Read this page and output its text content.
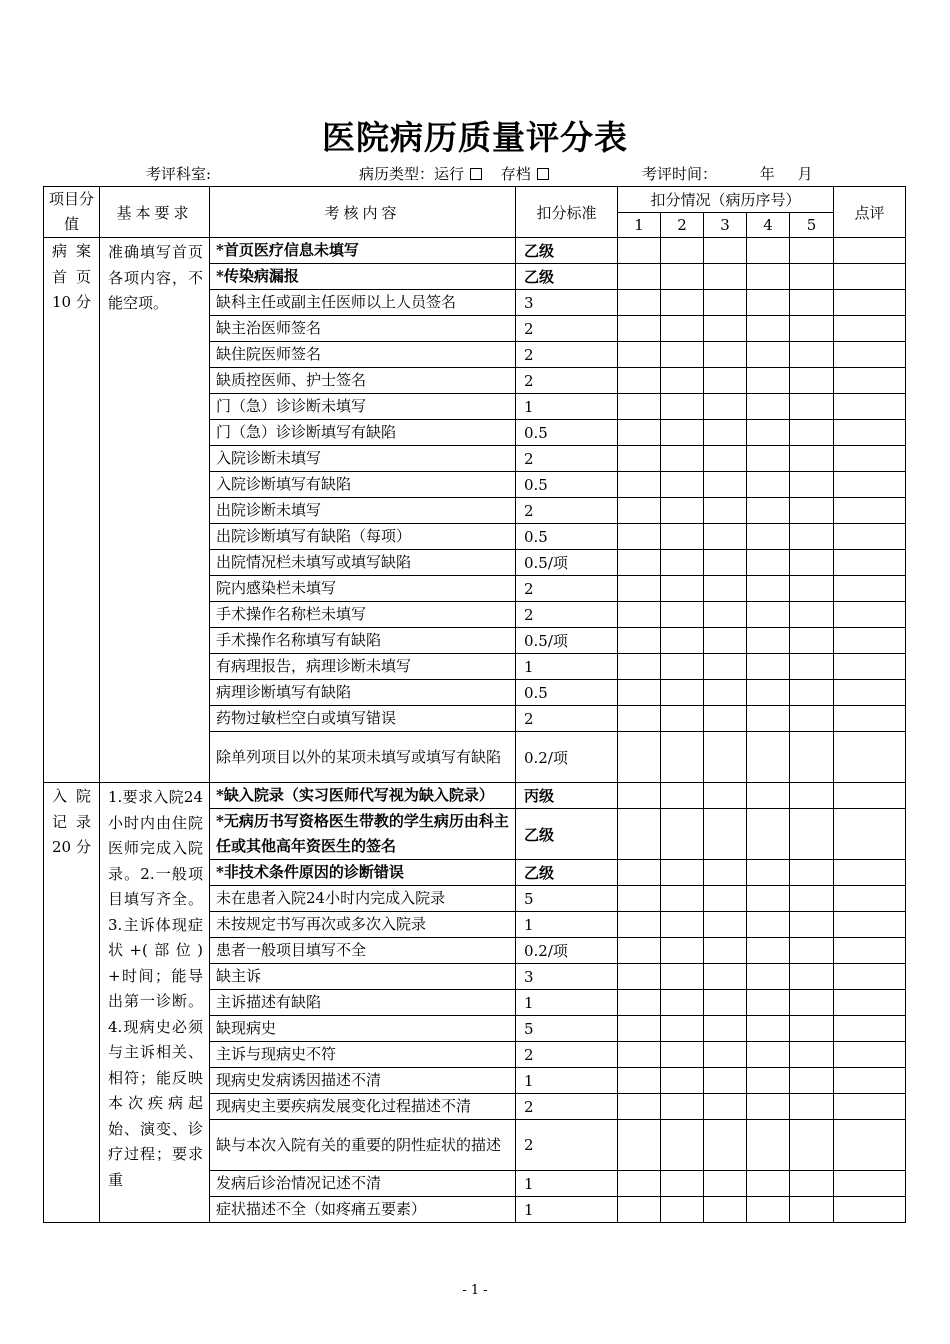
医院病历质量评分表
考评科室:	病历类型：运行 存档	考评时间：	年 月
项目分值	基本要求	考核内容	扣分标准	扣分情况（病历序号）					点评
				1	2	3	4	5	

病案首页10分	准确填写首页各项内容，不能空项。	*首页医疗信息未填写	乙级						
		*传染病漏报	乙级						
		缺科主任或副主任医师以上人员签名	3						
		缺主治医师签名	2						
		缺住院医师签名	2						
		缺质控医师、护士签名	2						
		门（急）诊诊断未填写	1						
		门（急）诊诊断填写有缺陷	0.5						
		入院诊断未填写	2						
		入院诊断填写有缺陷	0.5						
		出院诊断未填写	2						
		出院诊断填写有缺陷（每项）	0.5						
		出院情况栏未填写或填写缺陷	0.5/项						
		院内感染栏未填写	2						
		手术操作名称栏未填写	2						
		手术操作名称填写有缺陷	0.5/项						
		有病理报告，病理诊断未填写	1						
		病理诊断填写有缺陷	0.5						
		药物过敏栏空白或填写错误	2						
		除单列项目以外的某项未填写或填写有缺陷	0.2/项						

入院记录20分	1.要求入院24小时内由住院医师完成入院录。2.一般项目填写齐全。3.主诉体现症状+(部位)+时间；能导出第一诊断。4.现病史必须与主诉相关、相符；能反映本次疾病起始、演变、诊疗过程；要求重	*缺入院录（实习医师代写视为缺入院录）	丙级						
		*无病历书写资格医生带教的学生病历由科主任或其他高年资医生的签名	乙级						
		*非技术条件原因的诊断错误	乙级						
		未在患者入院24小时内完成入院录	5						
		未按规定书写再次或多次入院录	1						
		患者一般项目填写不全	0.2/项						
		缺主诉	3						
		主诉描述有缺陷	1						
		缺现病史	5						
		主诉与现病史不符	2						
		现病史发病诱因描述不清	1						
		现病史主要疾病发展变化过程描述不清	2						
		缺与本次入院有关的重要的阴性症状的描述	2						
		发病后诊治情况记述不清	1						
		症状描述不全（如疼痛五要素）	1						
- 1 -
